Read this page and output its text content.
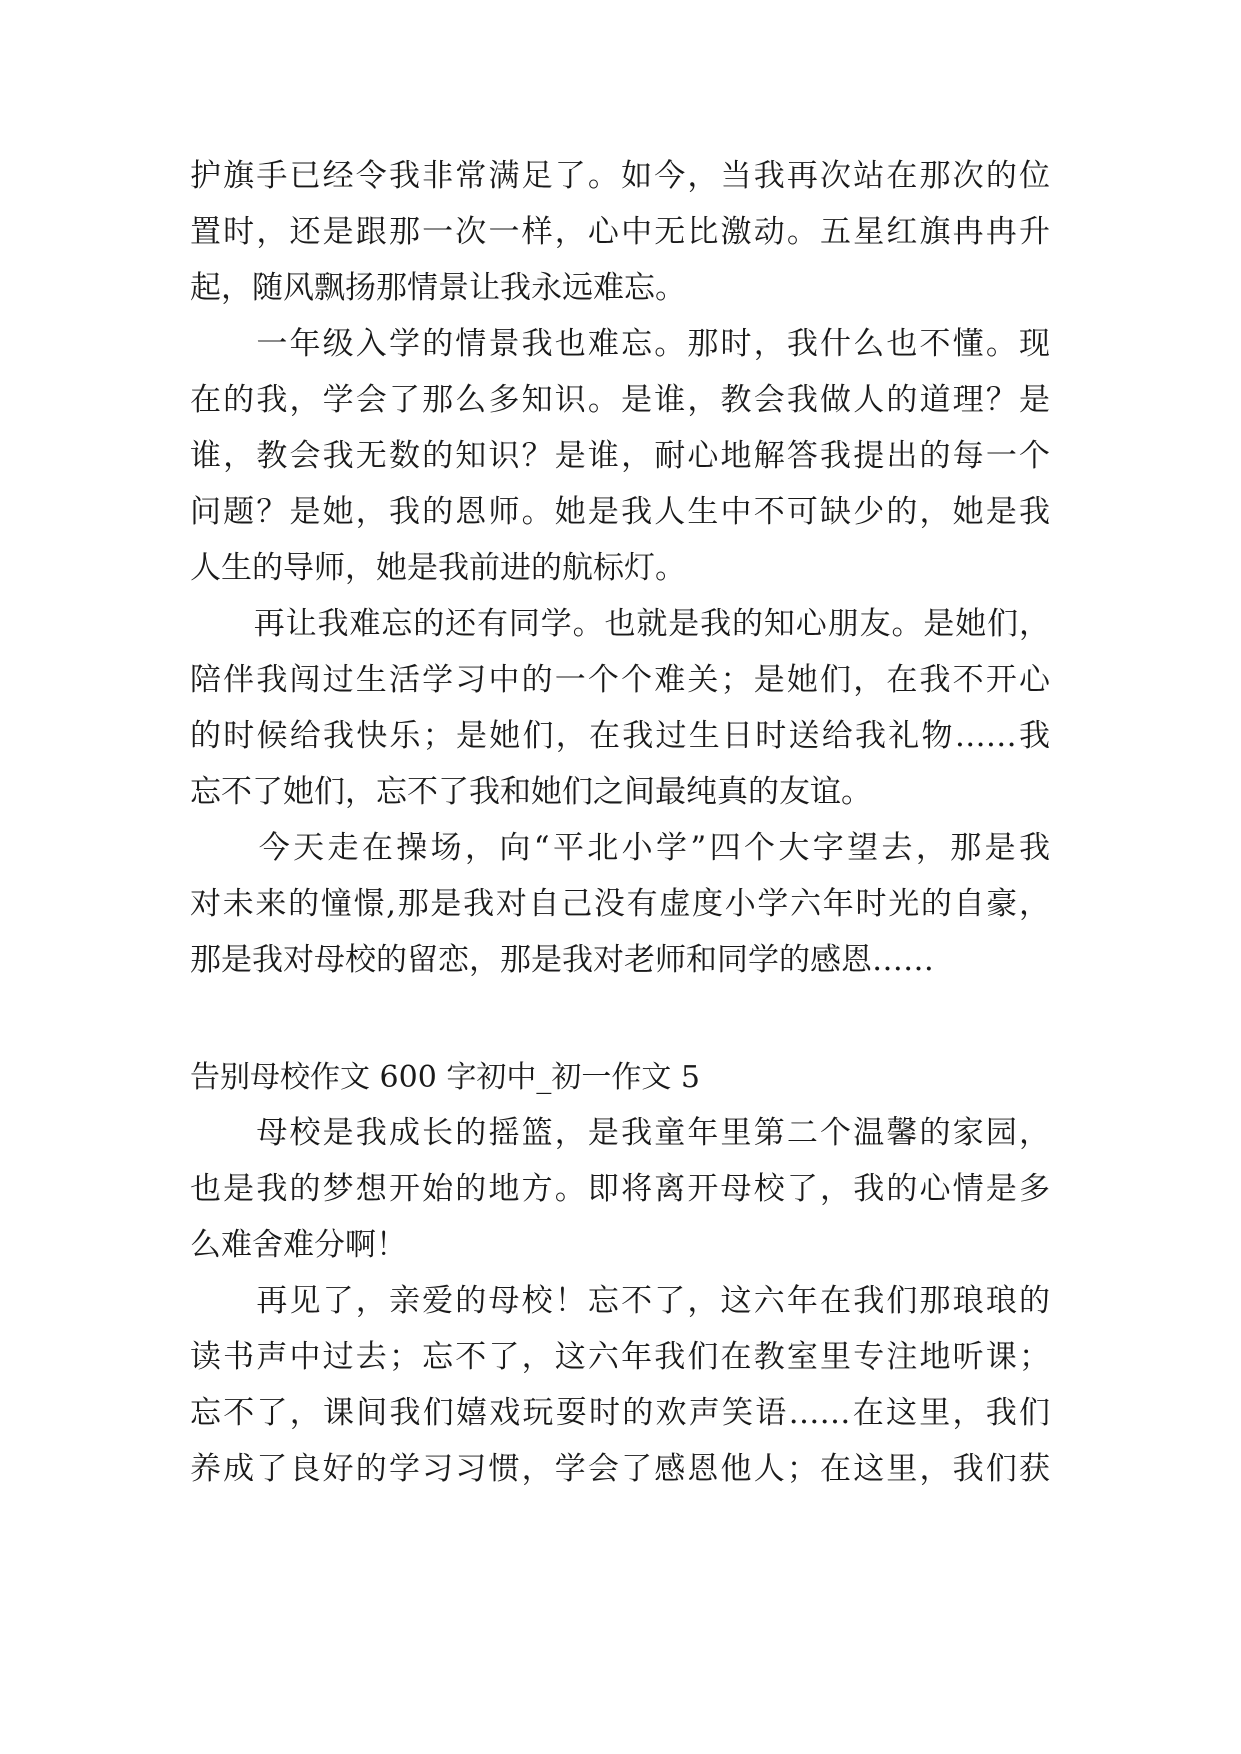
护旗手已经令我非常满足了。如今，当我再次站在那次的位

置时，还是跟那一次一样，心中无比激动。五星红旗冉冉升

起，随风飘扬那情景让我永远难忘。

　　一年级入学的情景我也难忘。那时，我什么也不懂。现

在的我，学会了那么多知识。是谁，教会我做人的道理？是

谁，教会我无数的知识？是谁，耐心地解答我提出的每一个

问题？是她，我的恩师。她是我人生中不可缺少的，她是我

人生的导师，她是我前进的航标灯。

　　再让我难忘的还有同学。也就是我的知心朋友。是她们，

陪伴我闯过生活学习中的一个个难关；是她们，在我不开心

的时候给我快乐；是她们，在我过生日时送给我礼物……我

忘不了她们，忘不了我和她们之间最纯真的友谊。

　　今天走在操场，向“平北小学”四个大字望去，那是我

对未来的憧憬,那是我对自己没有虚度小学六年时光的自豪，

那是我对母校的留恋，那是我对老师和同学的感恩……

告别母校作文 600 字初中_初一作文 5

　　母校是我成长的摇篮，是我童年里第二个温馨的家园，

也是我的梦想开始的地方。即将离开母校了，我的心情是多

么难舍难分啊！

　　再见了，亲爱的母校！忘不了，这六年在我们那琅琅的

读书声中过去；忘不了，这六年我们在教室里专注地听课；

忘不了，课间我们嬉戏玩耍时的欢声笑语……在这里，我们

养成了良好的学习习惯，学会了感恩他人；在这里，我们获
